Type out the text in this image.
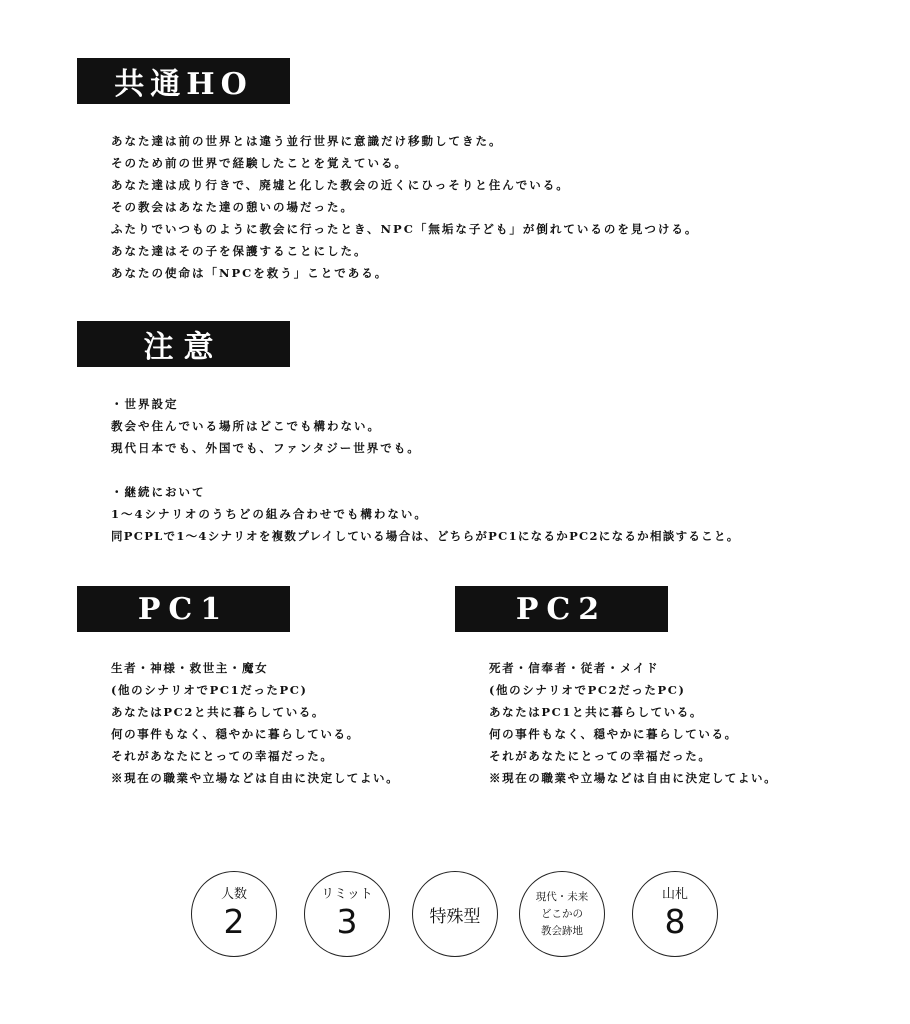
共通HO
あなた達は前の世界とは違う並行世界に意識だけ移動してきた。
そのため前の世界で経験したことを覚えている。
あなた達は成り行きで、廃墟と化した教会の近くにひっそりと住んでいる。
その教会はあなた達の憩いの場だった。
ふたりでいつものように教会に行ったとき、NPC「無垢な子ども」が倒れているのを見つける。
あなた達はその子を保護することにした。
あなたの使命は「NPCを救う」ことである。
注意
・世界設定
教会や住んでいる場所はどこでも構わない。
現代日本でも、外国でも、ファンタジー世界でも。
・継続において
1〜4シナリオのうちどの組み合わせでも構わない。
同PCPLで1〜4シナリオを複数プレイしている場合は、どちらがPC1になるかPC2になるか相談すること。
PC1
生者・神様・救世主・魔女
(他のシナリオでPC1だったPC)
あなたはPC2と共に暮らしている。
何の事件もなく、穏やかに暮らしている。
それがあなたにとっての幸福だった。
※現在の職業や立場などは自由に決定してよい。
PC2
死者・信奉者・従者・メイド
(他のシナリオでPC2だったPC)
あなたはPC1と共に暮らしている。
何の事件もなく、穏やかに暮らしている。
それがあなたにとっての幸福だった。
※現在の職業や立場などは自由に決定してよい。
人数
2
リミット
3	特殊型
現代・未来
どこかの
教会跡地
山札
8
